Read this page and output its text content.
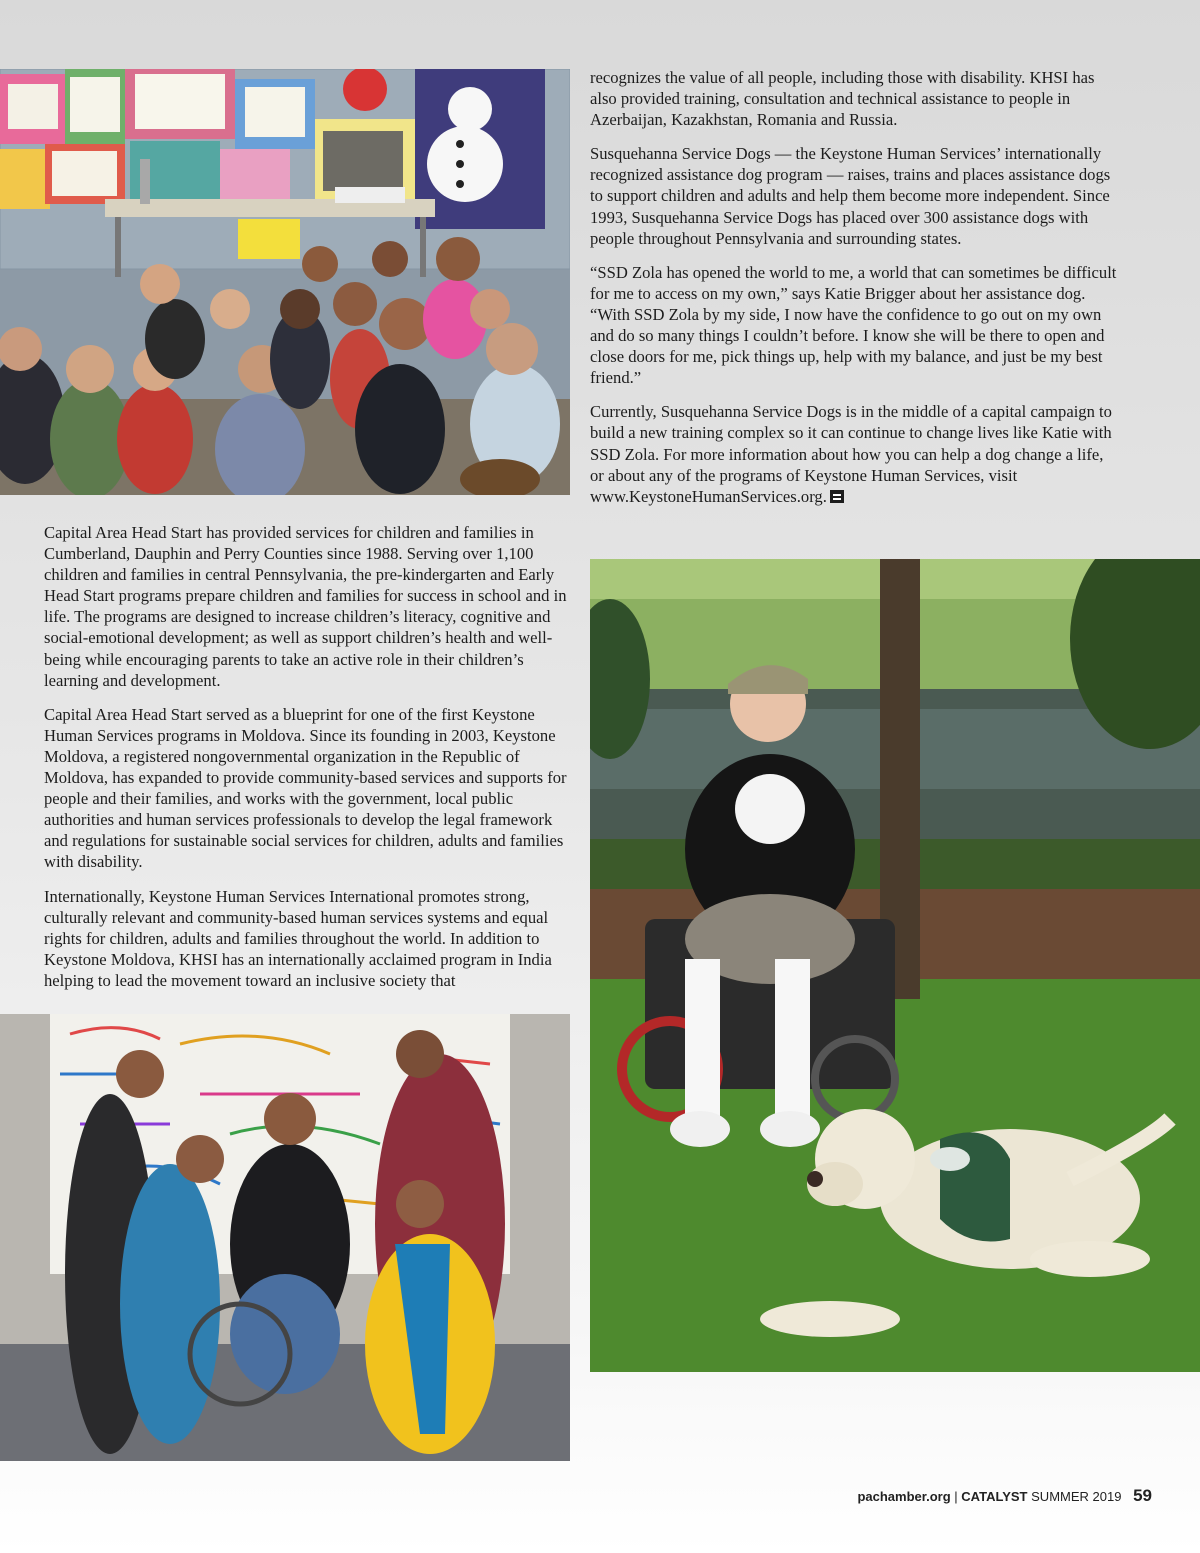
Capital Area Head Start has provided services for children and families in Cumberland, Dauphin and Perry Counties since 1988. Serving over 1,100 children and families in central Pennsylvania, the pre-kindergarten and Early Head Start programs prepare children and families for success in school and in life. The programs are designed to increase children’s literacy, cognitive and social-emotional development; as well as support children’s health and well-being while encouraging parents to take an active role in their children’s learning and development.

Capital Area Head Start served as a blueprint for one of the first Keystone Human Services programs in Moldova. Since its founding in 2003, Keystone Moldova, a registered nongovernmental organization in the Republic of Moldova, has expanded to provide community-based services and supports for people and their families, and works with the government, local public authorities and human services professionals to develop the legal framework and regulations for sustainable social services for children, adults and families with disability.

Internationally, Keystone Human Services International promotes strong, culturally relevant and community-based human services systems and equal rights for children, adults and families throughout the world. In addition to Keystone Moldova, KHSI has an internationally acclaimed program in India helping to lead the movement toward an inclusive society that

recognizes the value of all people, including those with disability. KHSI has also provided training, consultation and technical assistance to people in Azerbaijan, Kazakhstan, Romania and Russia.

Susquehanna Service Dogs — the Keystone Human Services’ internationally recognized assistance dog program — raises, trains and places assistance dogs to support children and adults and help them become more independent. Since 1993, Susquehanna Service Dogs has placed over 300 assistance dogs with people throughout Pennsylvania and surrounding states.

“SSD Zola has opened the world to me, a world that can sometimes be difficult for me to access on my own,” says Katie Brigger about her assistance dog. “With SSD Zola by my side, I now have the confidence to go out on my own and do so many things I couldn’t before. I know she will be there to open and close doors for me, pick things up, help with my balance, and just be my best friend.”

Currently, Susquehanna Service Dogs is in the middle of a capital campaign to build a new training complex so it can continue to change lives like Katie with SSD Zola. For more information about how you can help a dog change a life, or about any of the programs of Keystone Human Services, visit www.KeystoneHumanServices.org.

pachamber.org | CATALYST SUMMER 2019 59
